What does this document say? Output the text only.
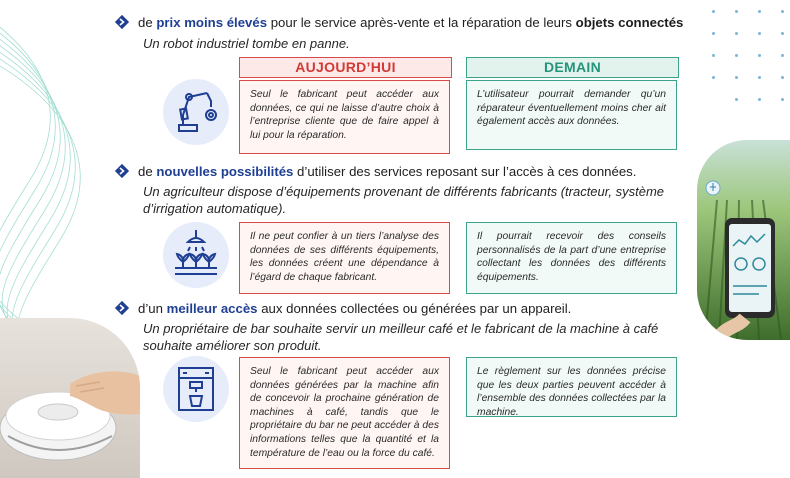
de prix moins élevés pour le service après-vente et la réparation de leurs objets connectés
Un robot industriel tombe en panne.
AUJOURD’HUI	DEMAIN
Seul le fabricant peut accéder aux données, ce qui ne laisse d’autre choix à l’entreprise cliente que de faire appel à lui pour la réparation.
L’utilisateur pourrait demander qu’un réparateur éventuellement moins cher ait également accès aux données.
de nouvelles possibilités d’utiliser des services reposant sur l’accès à ces données.
Un agriculteur dispose d’équipements provenant de différents fabricants (tracteur, système
d’irrigation automatique).
Il ne peut confier à un tiers l’analyse des données de ses différents équipements, les données créent une dépendance à l’égard de chaque fabricant.
Il pourrait recevoir des conseils personnalisés de la part d’une entreprise collectant les données des différents équipements.
d’un meilleur accès aux données collectées ou générées par un appareil.
Un propriétaire de bar souhaite servir un meilleur café et le fabricant de la machine à café
souhaite améliorer son produit.
Seul le fabricant peut accéder aux données générées par la machine afin de concevoir la prochaine génération de machines à café, tandis que le propriétaire du bar ne peut accéder à des informations telles que la quantité et la température de l’eau ou la force du café.
Le règlement sur les données précise que les deux parties peuvent accéder à l’ensemble des données collectées par la machine.
